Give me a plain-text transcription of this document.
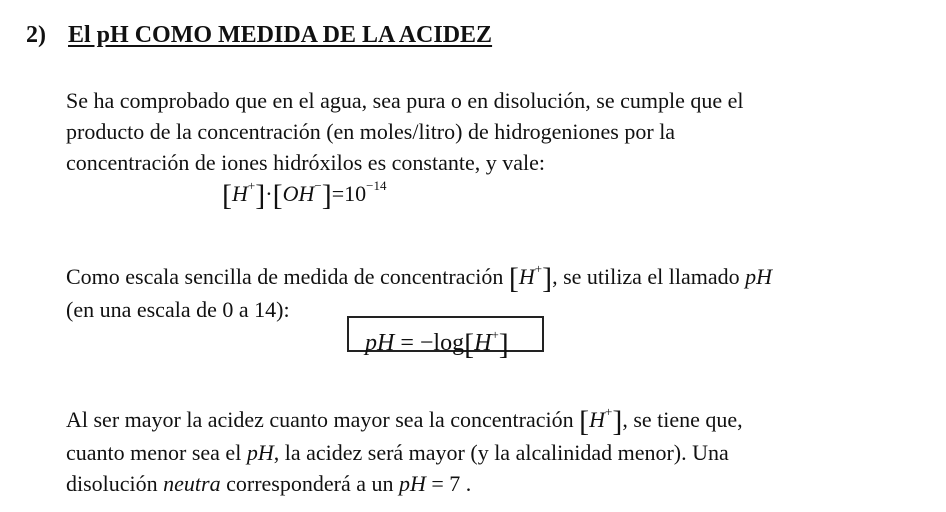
2) El pH COMO MEDIDA DE LA ACIDEZ
Se ha comprobado que en el agua, sea pura o en disolución, se cumple que el
producto de la concentración (en moles/litro) de hidrogeniones por la
concentración de iones hidróxilos es constante, y vale:
$[H^+]\cdot[OH^-]=10^{-14}$
Como escala sencilla de medida de concentración [H+], se utiliza el llamado pH
(en una escala de 0 a 14):
pH = −log[H+]
Al ser mayor la acidez cuanto mayor sea la concentración [H+], se tiene que,
cuanto menor sea el pH, la acidez será mayor (y la alcalinidad menor). Una
disolución neutra corresponderá a un pH = 7 .
